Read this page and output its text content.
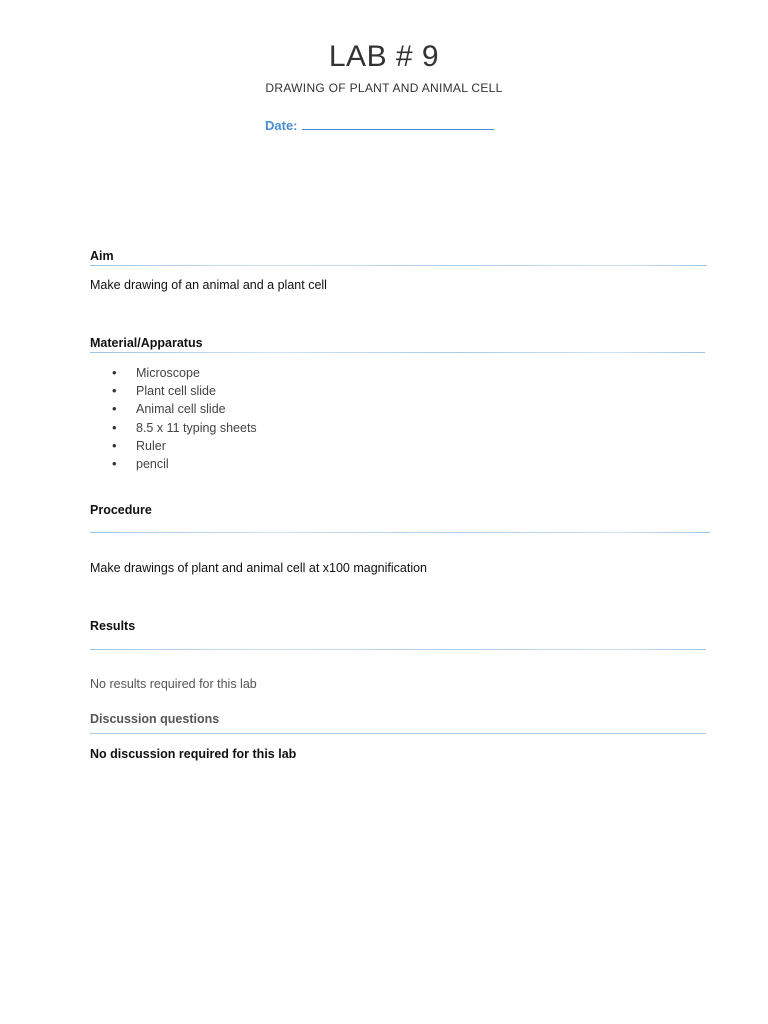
LAB # 9
DRAWING OF PLANT AND ANIMAL CELL
Date:
Aim
Make drawing of an animal and a plant cell
Material/Apparatus
• Microscope
• Plant cell slide
• Animal cell slide
• 8.5 x 11 typing sheets
• Ruler
• pencil
Procedure
Make drawings of plant and animal cell at x100 magnification
Results
No results required for this lab
Discussion questions
No discussion required for this lab
